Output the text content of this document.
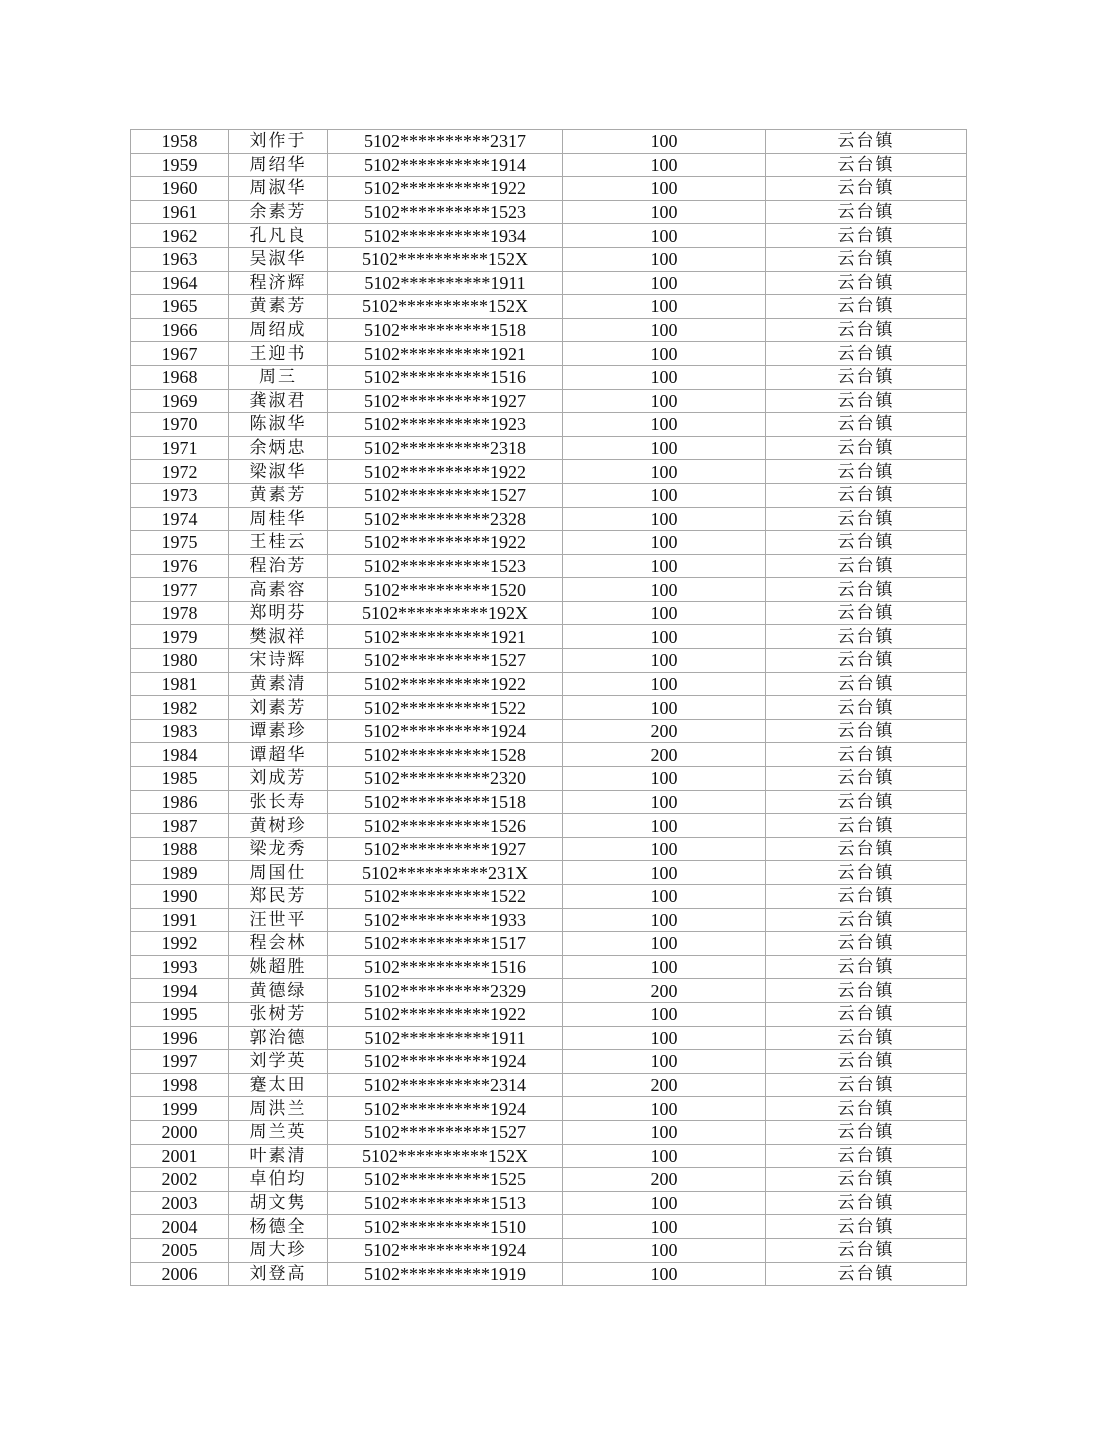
1958	刘作于	5102**********2317	100	云台镇
1959	周绍华	5102**********1914	100	云台镇
1960	周淑华	5102**********1922	100	云台镇
1961	余素芳	5102**********1523	100	云台镇
1962	孔凡良	5102**********1934	100	云台镇
1963	吴淑华	5102**********152X	100	云台镇
1964	程济辉	5102**********1911	100	云台镇
1965	黄素芳	5102**********152X	100	云台镇
1966	周绍成	5102**********1518	100	云台镇
1967	王迎书	5102**********1921	100	云台镇
1968	周三	5102**********1516	100	云台镇
1969	龚淑君	5102**********1927	100	云台镇
1970	陈淑华	5102**********1923	100	云台镇
1971	余炳忠	5102**********2318	100	云台镇
1972	梁淑华	5102**********1922	100	云台镇
1973	黄素芳	5102**********1527	100	云台镇
1974	周桂华	5102**********2328	100	云台镇
1975	王桂云	5102**********1922	100	云台镇
1976	程治芳	5102**********1523	100	云台镇
1977	高素容	5102**********1520	100	云台镇
1978	郑明芬	5102**********192X	100	云台镇
1979	樊淑祥	5102**********1921	100	云台镇
1980	宋诗辉	5102**********1527	100	云台镇
1981	黄素清	5102**********1922	100	云台镇
1982	刘素芳	5102**********1522	100	云台镇
1983	谭素珍	5102**********1924	200	云台镇
1984	谭超华	5102**********1528	200	云台镇
1985	刘成芳	5102**********2320	100	云台镇
1986	张长寿	5102**********1518	100	云台镇
1987	黄树珍	5102**********1526	100	云台镇
1988	梁龙秀	5102**********1927	100	云台镇
1989	周国仕	5102**********231X	100	云台镇
1990	郑民芳	5102**********1522	100	云台镇
1991	汪世平	5102**********1933	100	云台镇
1992	程会林	5102**********1517	100	云台镇
1993	姚超胜	5102**********1516	100	云台镇
1994	黄德绿	5102**********2329	200	云台镇
1995	张树芳	5102**********1922	100	云台镇
1996	郭治德	5102**********1911	100	云台镇
1997	刘学英	5102**********1924	100	云台镇
1998	蹇太田	5102**********2314	200	云台镇
1999	周洪兰	5102**********1924	100	云台镇
2000	周兰英	5102**********1527	100	云台镇
2001	叶素清	5102**********152X	100	云台镇
2002	卓伯均	5102**********1525	200	云台镇
2003	胡文隽	5102**********1513	100	云台镇
2004	杨德全	5102**********1510	100	云台镇
2005	周大珍	5102**********1924	100	云台镇
2006	刘登高	5102**********1919	100	云台镇
